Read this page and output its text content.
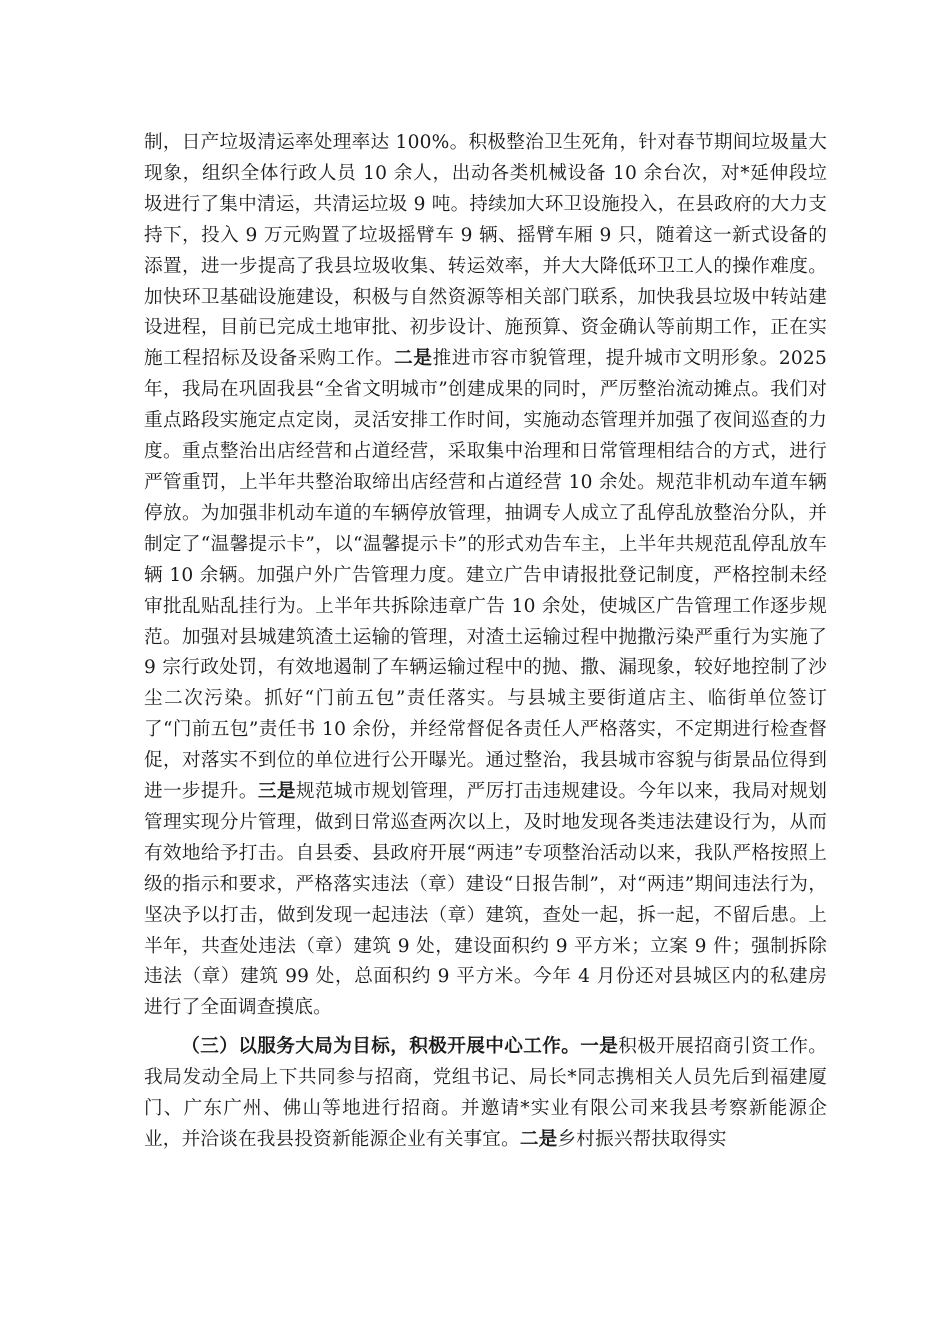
制，日产垃圾清运率处理率达 100%。积极整治卫生死角，针对春节期间垃圾量大现象，组织全体行政人员 10 余人，出动各类机械设备 10 余台次，对*延伸段垃圾进行了集中清运，共清运垃圾 9 吨。持续加大环卫设施投入，在县政府的大力支持下，投入 9 万元购置了垃圾摇臂车 9 辆、摇臂车厢 9 只，随着这一新式设备的添置，进一步提高了我县垃圾收集、转运效率，并大大降低环卫工人的操作难度。加快环卫基础设施建设，积极与自然资源等相关部门联系，加快我县垃圾中转站建设进程，目前已完成土地审批、初步设计、施预算、资金确认等前期工作，正在实施工程招标及设备采购工作。二是推进市容市貌管理，提升城市文明形象。2025 年，我局在巩固我县“全省文明城市”创建成果的同时，严厉整治流动摊点。我们对重点路段实施定点定岗，灵活安排工作时间，实施动态管理并加强了夜间巡查的力度。重点整治出店经营和占道经营，采取集中治理和日常管理相结合的方式，进行严管重罚，上半年共整治取缔出店经营和占道经营 10 余处。规范非机动车道车辆停放。为加强非机动车道的车辆停放管理，抽调专人成立了乱停乱放整治分队，并制定了“温馨提示卡”，以“温馨提示卡”的形式劝告车主，上半年共规范乱停乱放车辆 10 余辆。加强户外广告管理力度。建立广告申请报批登记制度，严格控制未经审批乱贴乱挂行为。上半年共拆除违章广告 10 余处，使城区广告管理工作逐步规范。加强对县城建筑渣土运输的管理，对渣土运输过程中抛撒污染严重行为实施了 9 宗行政处罚，有效地遏制了车辆运输过程中的抛、撒、漏现象，较好地控制了沙尘二次污染。抓好“门前五包”责任落实。与县城主要街道店主、临街单位签订了“门前五包”责任书 10 余份，并经常督促各责任人严格落实，不定期进行检查督促，对落实不到位的单位进行公开曝光。通过整治，我县城市容貌与街景品位得到进一步提升。三是规范城市规划管理，严厉打击违规建设。今年以来，我局对规划管理实现分片管理，做到日常巡查两次以上，及时地发现各类违法建设行为，从而有效地给予打击。自县委、县政府开展“两违”专项整治活动以来，我队严格按照上级的指示和要求，严格落实违法（章）建设“日报告制”，对“两违”期间违法行为，坚决予以打击，做到发现一起违法（章）建筑，查处一起，拆一起，不留后患。上半年，共查处违法（章）建筑 9 处，建设面积约 9 平方米；立案 9 件；强制拆除违法（章）建筑 99 处，总面积约 9 平方米。今年 4 月份还对县城区内的私建房进行了全面调查摸底。

（三）以服务大局为目标，积极开展中心工作。一是积极开展招商引资工作。我局发动全局上下共同参与招商，党组书记、局长*同志携相关人员先后到福建厦门、广东广州、佛山等地进行招商。并邀请*实业有限公司来我县考察新能源企业，并洽谈在我县投资新能源企业有关事宜。二是乡村振兴帮扶取得实
